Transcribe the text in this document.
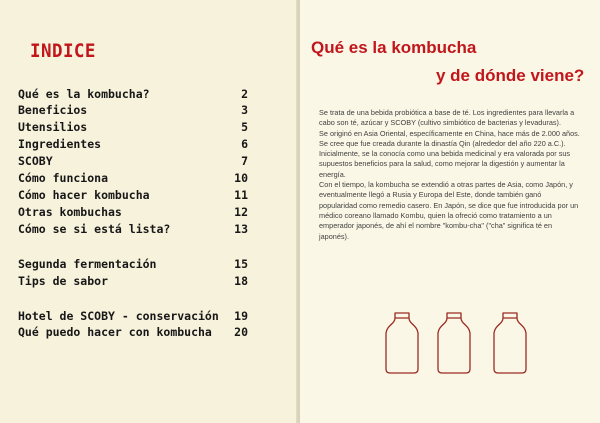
INDICE
Qué es la kombucha?	2
Beneficios	3
Utensilios	5
Ingredientes	6
SCOBY	7
Cómo funciona	10
Cómo hacer kombucha	11
Otras kombuchas	12
Cómo se si está lista?	13
Segunda fermentación	15
Tips de sabor	18
Hotel de SCOBY - conservación 19
Qué puedo hacer con kombucha 20
Qué es la kombucha
y de dónde viene?

Se trata de una bebida probiótica a base de té. Los ingredientes para llevarla a cabo son té, azúcar y SCOBY (cultivo simbiótico de bacterias y levaduras).

Se originó en Asia Oriental, específicamente en China, hace más de 2.000 años. Se cree que fue creada durante la dinastía Qin (alrededor del año 220 a.C.). Inicialmente, se la conocía como una bebida medicinal y era valorada por sus supuestos beneficios para la salud, como mejorar la digestión y aumentar la energía.

Con el tiempo, la kombucha se extendió a otras partes de Asia, como Japón, y eventualmente llegó a Rusia y Europa del Este, donde también ganó popularidad como remedio casero. En Japón, se dice que fue introducida por un médico coreano llamado Kombu, quien la ofreció como tratamiento a un emperador japonés, de ahí el nombre "kombu-cha" ("cha" significa té en japonés).
